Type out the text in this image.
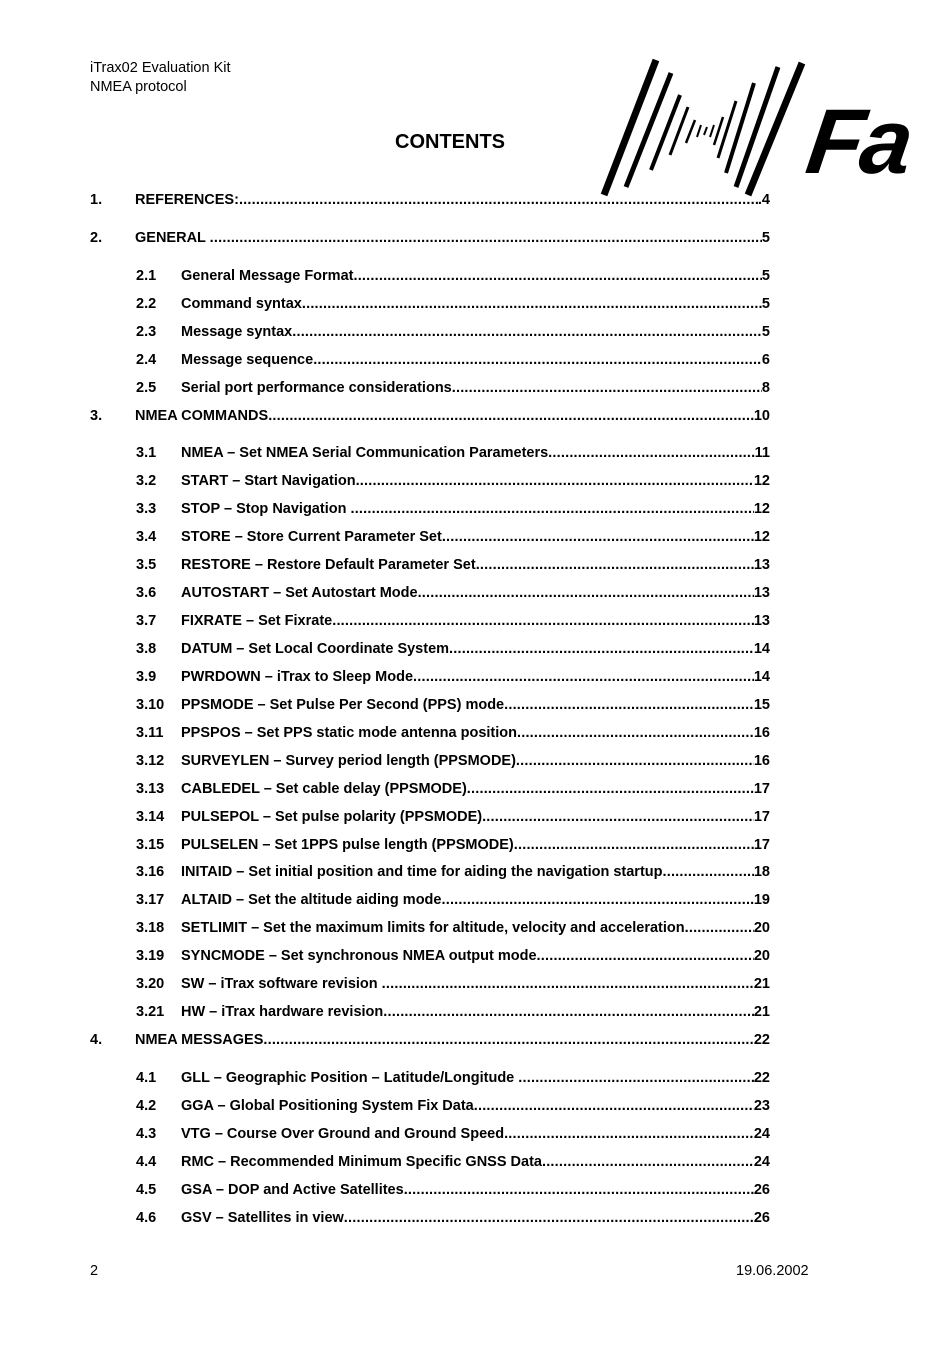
iTrax02 Evaluation Kit
NMEA protocol
Fa
CONTENTS
1.	REFERENCES: .....	.4
2.	GENERAL .....	5
2.1	General Message Format .....	5
2.2	Command syntax .....	5
2.3	Message syntax .....	5
2.4	Message sequence .....	6
2.5	Serial port performance considerations .....	8
3.	NMEA COMMANDS .....	10
3.1	NMEA – Set NMEA Serial Communication Parameters .....	11
3.2	START – Start Navigation .....	12
3.3	STOP – Stop Navigation .....	12
3.4	STORE – Store Current Parameter Set .....	12
3.5	RESTORE – Restore Default Parameter Set .....	13
3.6	AUTOSTART – Set Autostart Mode .....	13
3.7	FIXRATE – Set Fixrate .....	13
3.8	DATUM – Set Local Coordinate System .....	14
3.9	PWRDOWN – iTrax to Sleep Mode .....	14
3.10	PPSMODE – Set Pulse Per Second (PPS) mode .....	15
3.11	PPSPOS – Set PPS static mode antenna position .....	16
3.12	SURVEYLEN – Survey period length (PPSMODE) .....	16
3.13	CABLEDEL – Set cable delay (PPSMODE) .....	17
3.14	PULSEPOL – Set pulse polarity (PPSMODE) .....	17
3.15	PULSELEN – Set 1PPS pulse length (PPSMODE) .....	17
3.16	INITAID – Set initial position and time for aiding the navigation startup .....	18
3.17	ALTAID – Set the altitude aiding mode .....	19
3.18	SETLIMIT – Set the maximum limits for altitude, velocity and acceleration .....	20
3.19	SYNCMODE – Set synchronous NMEA output mode .....	20
3.20	SW – iTrax software revision .....	21
3.21	HW – iTrax hardware revision .....	21
4.	NMEA MESSAGES .....	22
4.1	GLL – Geographic Position – Latitude/Longitude .....	22
4.2	GGA – Global Positioning System Fix Data .....	23
4.3	VTG – Course Over Ground and Ground Speed .....	24
4.4	RMC – Recommended Minimum Specific GNSS Data .....	24
4.5	GSA – DOP and Active Satellites .....	26
4.6	GSV – Satellites in view .....	26
2	19.06.2002
